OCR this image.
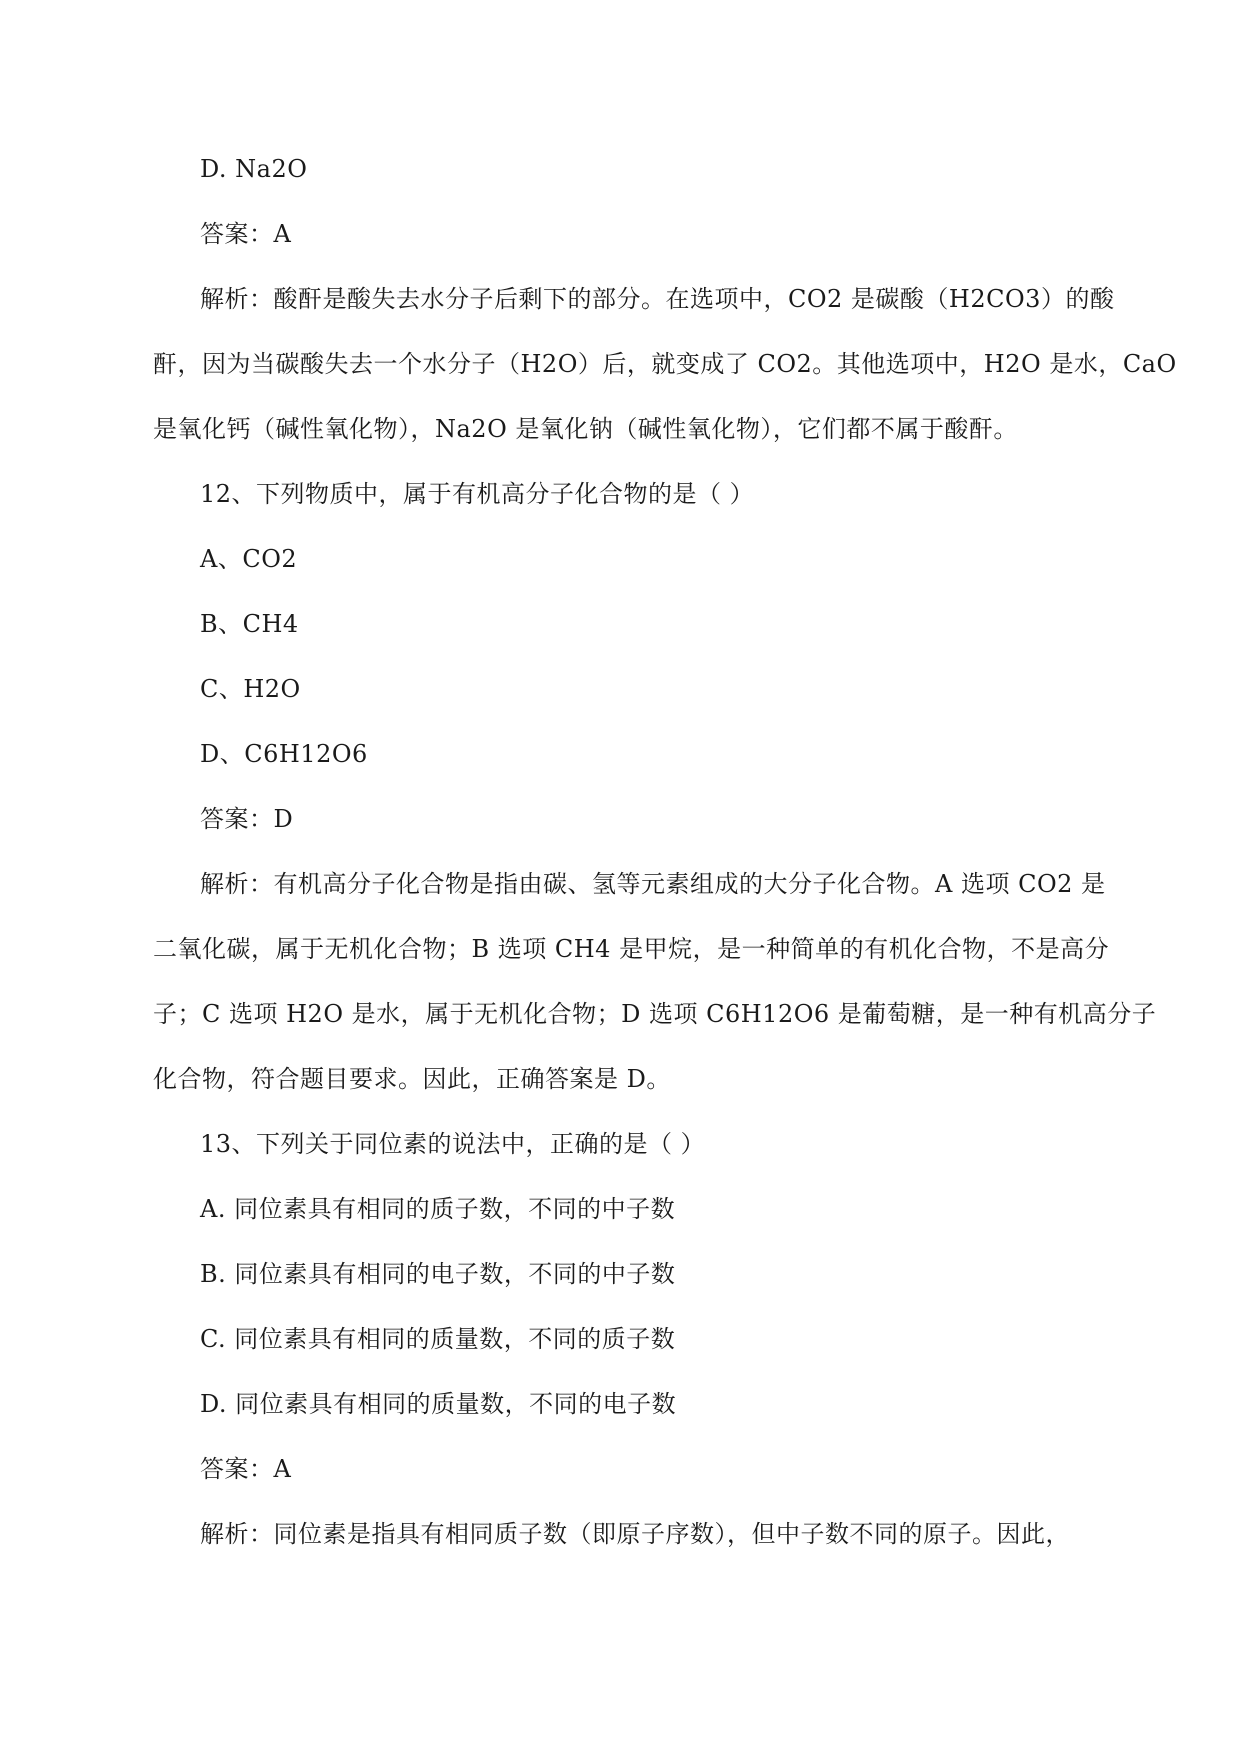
D. Na2O
答案：A
解析：酸酐是酸失去水分子后剩下的部分。在选项中，CO2 是碳酸（H2CO3）的酸
酐，因为当碳酸失去一个水分子（H2O）后，就变成了 CO2。其他选项中，H2O 是水，CaO
是氧化钙（碱性氧化物），Na2O 是氧化钠（碱性氧化物），它们都不属于酸酐。
12、下列物质中，属于有机高分子化合物的是（ ）
A、CO2
B、CH4
C、H2O
D、C6H12O6
答案：D
解析：有机高分子化合物是指由碳、氢等元素组成的大分子化合物。A 选项 CO2 是
二氧化碳，属于无机化合物；B 选项 CH4 是甲烷，是一种简单的有机化合物，不是高分
子；C 选项 H2O 是水，属于无机化合物；D 选项 C6H12O6 是葡萄糖，是一种有机高分子
化合物，符合题目要求。因此，正确答案是 D。
13、下列关于同位素的说法中，正确的是（ ）
A. 同位素具有相同的质子数，不同的中子数
B. 同位素具有相同的电子数，不同的中子数
C. 同位素具有相同的质量数，不同的质子数
D. 同位素具有相同的质量数，不同的电子数
答案：A
解析：同位素是指具有相同质子数（即原子序数），但中子数不同的原子。因此，
